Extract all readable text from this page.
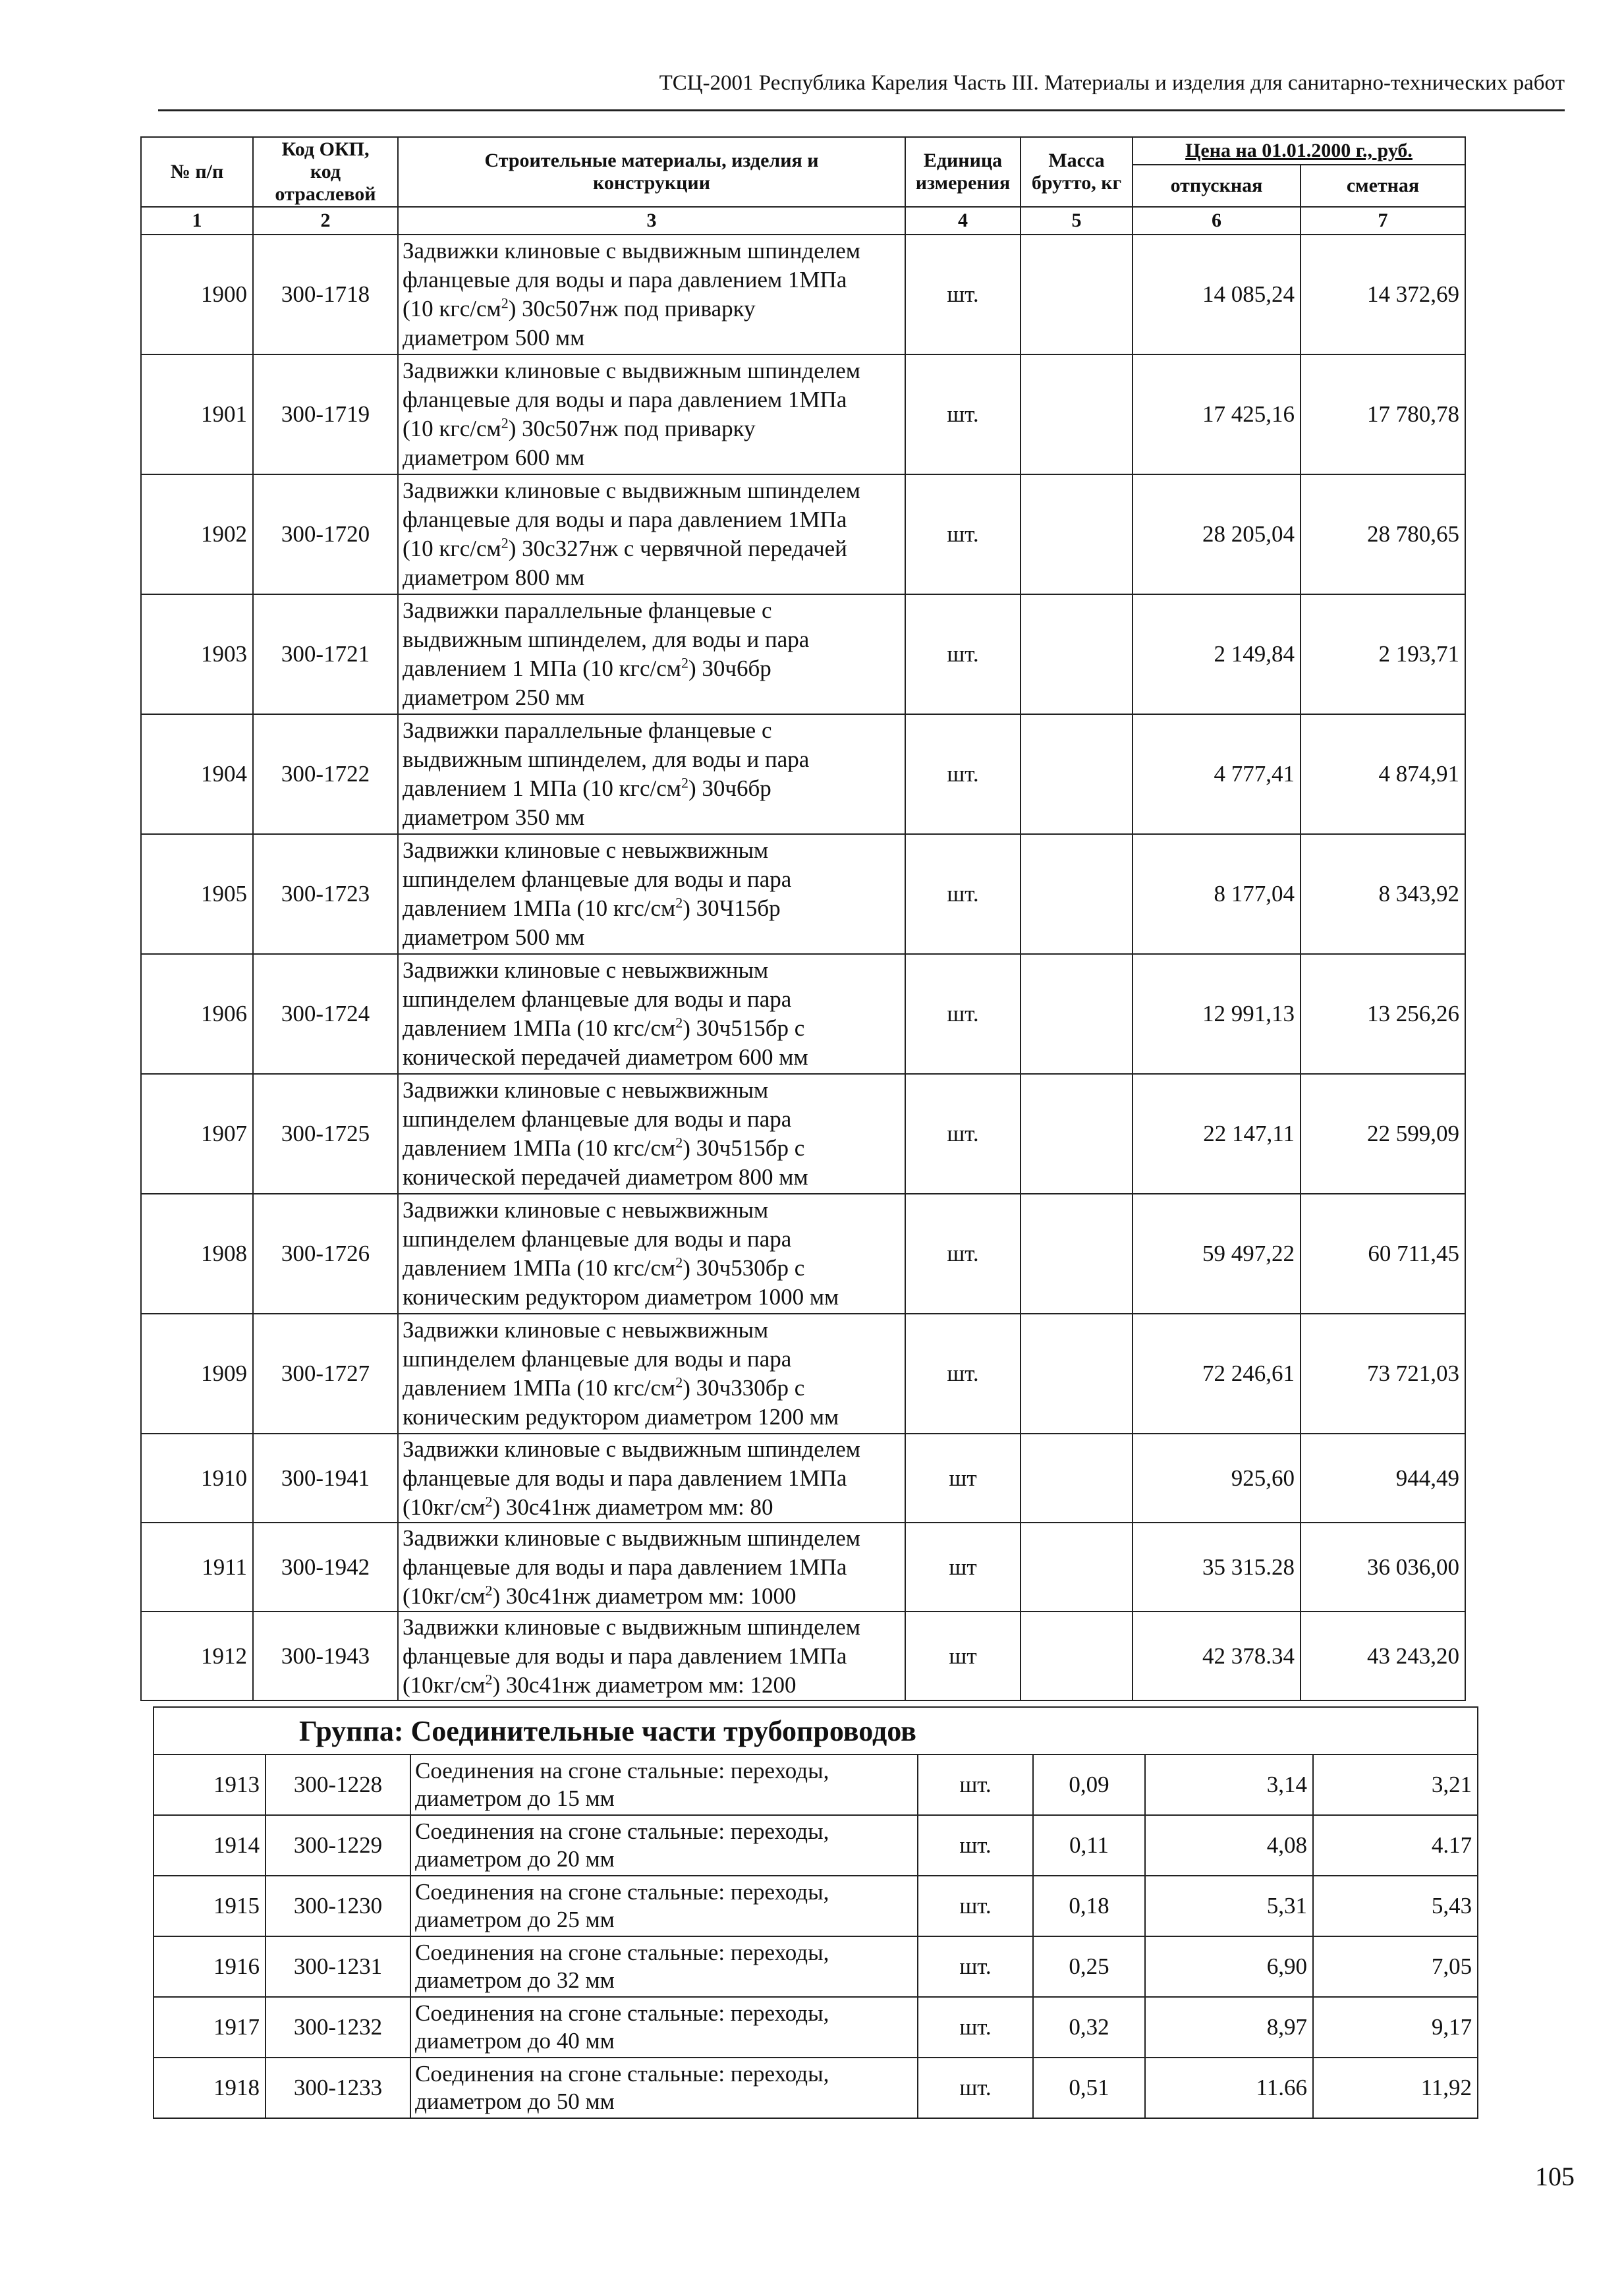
ТСЦ-2001 Республика Карелия Часть III. Материалы и изделия для санитарно-технических работ
№ п/п	Код ОКП,
код
отраслевой	Строительные материалы, изделия и
конструкции	Единица
измерения	Масса
брутто, кг	Цена на 01.01.2000 г., руб.	
					отпускная	сметная
1	2	3	4	5	6	7
1900	300-1718	Задвижки клиновые с выдвижным шпинделем
фланцевые для воды и пара давлением 1МПа
(10 кгс/$см^2$) 30с507нж под приварку
диаметром 500 мм	шт.		14 085,24	14 372,69
1901	300-1719	Задвижки клиновые с выдвижным шпинделем
фланцевые для воды и пара давлением 1МПа
(10 кгс/$см^2$) 30с507нж под приварку
диаметром 600 мм	шт.		17 425,16	17 780,78
1902	300-1720	Задвижки клиновые с выдвижным шпинделем
фланцевые для воды и пара давлением 1МПа
(10 кгс/$см^2$) 30с327нж с червячной передачей
диаметром 800 мм	шт.		28 205,04	28 780,65
1903	300-1721	Задвижки параллельные фланцевые с
выдвижным шпинделем, для воды и пара
давлением 1 МПа (10 кгс/$см^2$) 30ч6бр
диаметром 250 мм	шт.		2 149,84	2 193,71
1904	300-1722	Задвижки параллельные фланцевые с
выдвижным шпинделем, для воды и пара
давлением 1 МПа (10 кгс/$см^2$) 30ч6бр
диаметром 350 мм	шт.		4 777,41	4 874,91
1905	300-1723	Задвижки клиновые с невыжвижным
шпинделем фланцевые для воды и пара
давлением 1МПа (10 кгс/$см^2$) 30Ч15бр
диаметром 500 мм	шт.		8 177,04	8 343,92
1906	300-1724	Задвижки клиновые с невыжвижным
шпинделем фланцевые для воды и пара
давлением 1МПа (10 кгс/$см^2$) 30ч515бр с
конической передачей диаметром 600 мм	шт.		12 991,13	13 256,26
1907	300-1725	Задвижки клиновые с невыжвижным
шпинделем фланцевые для воды и пара
давлением 1МПа (10 кгс/$см^2$) 30ч515бр с
конической передачей диаметром 800 мм	шт.		22 147,11	22 599,09
1908	300-1726	Задвижки клиновые с невыжвижным
шпинделем фланцевые для воды и пара
давлением 1МПа (10 кгс/$см^2$) 30ч530бр с
коническим редуктором диаметром 1000 мм	шт.		59 497,22	60 711,45
1909	300-1727	Задвижки клиновые с невыжвижным
шпинделем фланцевые для воды и пара
давлением 1МПа (10 кгс/$см^2$) 30ч330бр с
коническим редуктором диаметром 1200 мм	шт.		72 246,61	73 721,03
1910	300-1941	Задвижки клиновые с выдвижным шпинделем
фланцевые для воды и пара давлением 1МПа
$(10кг/см^2)$ 30с41нж диаметром мм: 80	шт		925,60	944,49
1911	300-1942	Задвижки клиновые с выдвижным шпинделем
фланцевые для воды и пара давлением 1МПа
$(10кг/см^2)$ 30с41нж диаметром мм: 1000	шт		35 315.28	36 036,00
1912	300-1943	Задвижки клиновые с выдвижным шпинделем
фланцевые для воды и пара давлением 1МПа
$(10кг/см^2)$ 30с41нж диаметром мм: 1200	шт		42 378.34	43 243,20
Группа: Соединительные части трубопроводов						
1913	300-1228	Соединения на сгоне стальные: переходы,
диаметром до 15 мм	шт.	0,09	3,14	3,21
1914	300-1229	Соединения на сгоне стальные: переходы,
диаметром до 20 мм	шт.	0,11	4,08	4.17
1915	300-1230	Соединения на сгоне стальные: переходы,
диаметром до 25 мм	шт.	0,18	5,31	5,43
1916	300-1231	Соединения на сгоне стальные: переходы,
диаметром до 32 мм	шт.	0,25	6,90	7,05
1917	300-1232	Соединения на сгоне стальные: переходы,
диаметром до 40 мм	шт.	0,32	8,97	9,17
1918	300-1233	Соединения на сгоне стальные: переходы,
диаметром до 50 мм	шт.	0,51	11.66	11,92
105
